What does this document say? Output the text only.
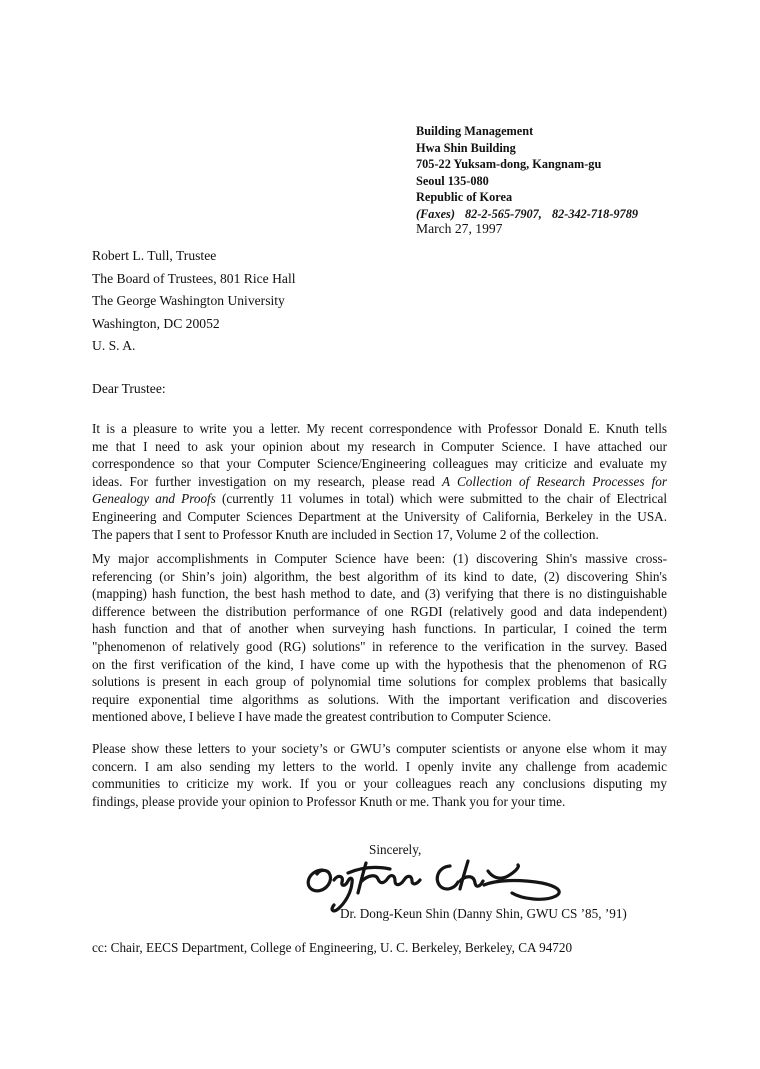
Building Management
Hwa Shin Building
705-22 Yuksam-dong, Kangnam-gu
Seoul 135-080
Republic of Korea
(Faxes) 82-2-565-7907, 82-342-718-9789
March 27, 1997
Robert L. Tull, Trustee
The Board of Trustees, 801 Rice Hall
The George Washington University
Washington, DC 20052
U. S. A.
Dear Trustee:
It is a pleasure to write you a letter. My recent correspondence with Professor Donald E. Knuth tells
me that I need to ask your opinion about my research in Computer Science. I have attached our
correspondence so that your Computer Science/Engineering colleagues may criticize and evaluate my
ideas. For further investigation on my research, please read A Collection of Research Processes for
Genealogy and Proofs (currently 11 volumes in total) which were submitted to the chair of Electrical
Engineering and Computer Sciences Department at the University of California, Berkeley in the USA.
The papers that I sent to Professor Knuth are included in Section 17, Volume 2 of the collection.
My major accomplishments in Computer Science have been: (1) discovering Shin's massive cross-
referencing (or Shin’s join) algorithm, the best algorithm of its kind to date, (2) discovering Shin's
(mapping) hash function, the best hash method to date, and (3) verifying that there is no distinguishable
difference between the distribution performance of one RGDI (relatively good and data independent)
hash function and that of another when surveying hash functions. In particular, I coined the term
"phenomenon of relatively good (RG) solutions" in reference to the verification in the survey. Based
on the first verification of the kind, I have come up with the hypothesis that the phenomenon of RG
solutions is present in each group of polynomial time solutions for complex problems that basically
require exponential time algorithms as solutions. With the important verification and discoveries
mentioned above, I believe I have made the greatest contribution to Computer Science.
Please show these letters to your society’s or GWU’s computer scientists or anyone else whom it may
concern. I am also sending my letters to the world. I openly invite any challenge from academic
communities to criticize my work. If you or your colleagues reach any conclusions disputing my
findings, please provide your opinion to Professor Knuth or me. Thank you for your time.
Sincerely,
Dr. Dong-Keun Shin (Danny Shin, GWU CS ’85, ’91)
cc: Chair, EECS Department, College of Engineering, U. C. Berkeley, Berkeley, CA 94720
